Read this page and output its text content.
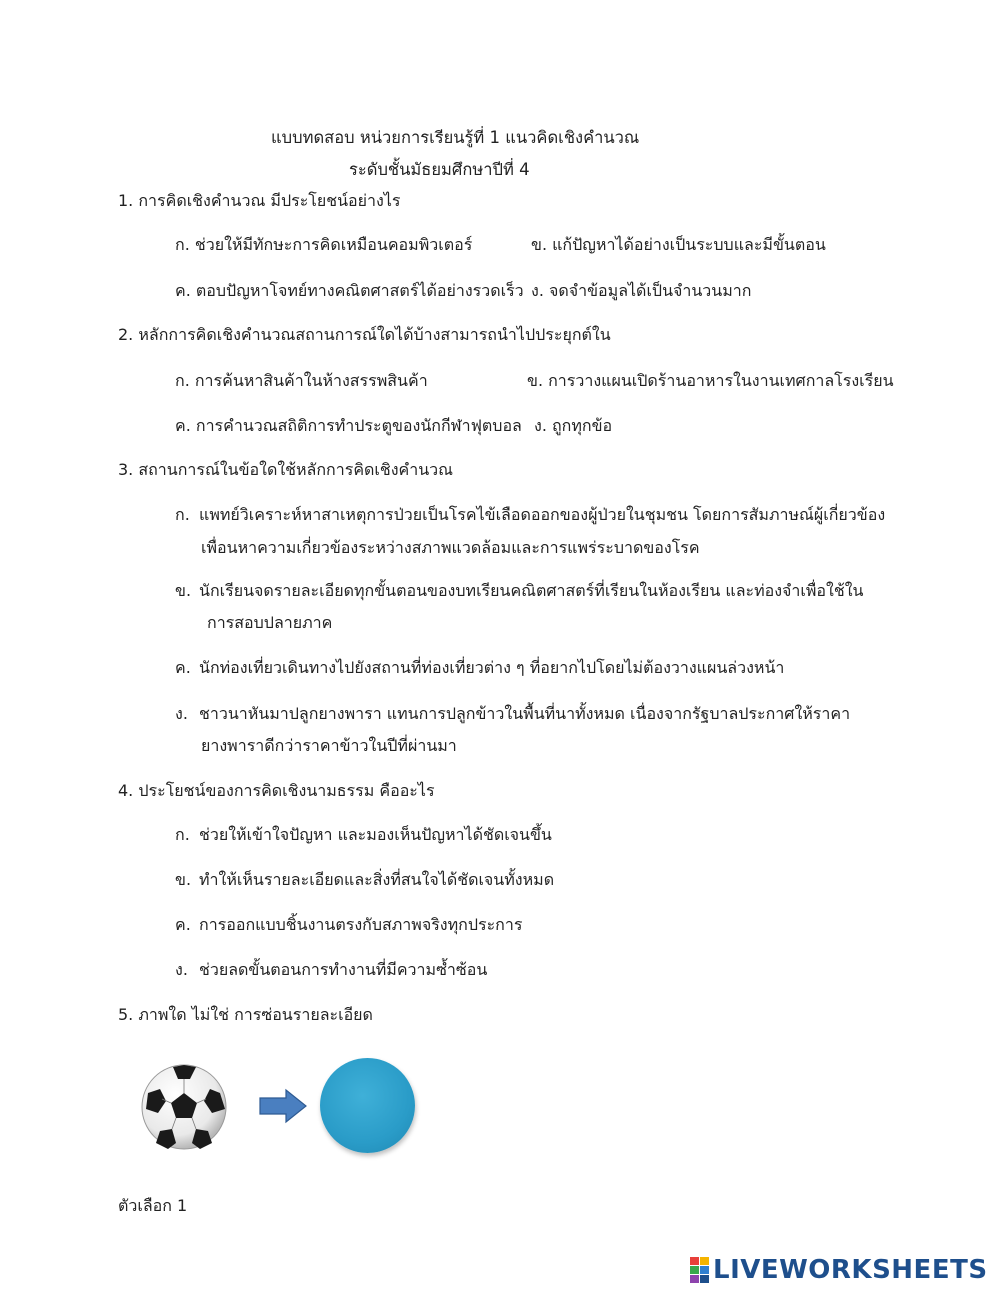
แบบทดสอบ หน่วยการเรียนรู้ที่ 1 แนวคิดเชิงคำนวณ
ระดับชั้นมัธยมศึกษาปีที่ 4
1. การคิดเชิงคำนวณ มีประโยชน์อย่างไร
ก. ช่วยให้มีทักษะการคิดเหมือนคอมพิวเตอร์	ข. แก้ปัญหาได้อย่างเป็นระบบและมีขั้นตอน
ค. ตอบปัญหาโจทย์ทางคณิตศาสตร์ได้อย่างรวดเร็ว ง. จดจำข้อมูลได้เป็นจำนวนมาก
2. หลักการคิดเชิงคำนวณสถานการณ์ใดได้บ้างสามารถนำไปประยุกต์ใน
ก. การค้นหาสินค้าในห้างสรรพสินค้า	ข. การวางแผนเปิดร้านอาหารในงานเทศกาลโรงเรียน
ค. การคำนวณสถิติการทำประตูของนักกีฬาฟุตบอล ง. ถูกทุกข้อ
3. สถานการณ์ในข้อใดใช้หลักการคิดเชิงคำนวณ
ก. แพทย์วิเคราะห์หาสาเหตุการป่วยเป็นโรคไข้เลือดออกของผู้ป่วยในชุมชน โดยการสัมภาษณ์ผู้เกี่ยวข้อง
เพื่อนหาความเกี่ยวข้องระหว่างสภาพแวดล้อมและการแพร่ระบาดของโรค
ข. นักเรียนจดรายละเอียดทุกขั้นตอนของบทเรียนคณิตศาสตร์ที่เรียนในห้องเรียน และท่องจำเพื่อใช้ใน
การสอบปลายภาค
ค. นักท่องเที่ยวเดินทางไปยังสถานที่ท่องเที่ยวต่าง ๆ ที่อยากไปโดยไม่ต้องวางแผนล่วงหน้า
ง. ชาวนาหันมาปลูกยางพารา แทนการปลูกข้าวในพื้นที่นาทั้งหมด เนื่องจากรัฐบาลประกาศให้ราคา
ยางพาราดีกว่าราคาข้าวในปีที่ผ่านมา
4. ประโยชน์ของการคิดเชิงนามธรรม คืออะไร
ก. ช่วยให้เข้าใจปัญหา และมองเห็นปัญหาได้ชัดเจนขึ้น
ข. ทำให้เห็นรายละเอียดและสิ่งที่สนใจได้ชัดเจนทั้งหมด
ค. การออกแบบชิ้นงานตรงกับสภาพจริงทุกประการ
ง. ช่วยลดขั้นตอนการทำงานที่มีความซ้ำซ้อน
5. ภาพใด ไม่ใช่ การซ่อนรายละเอียด
ตัวเลือก 1
LIVEWORKSHEETS
